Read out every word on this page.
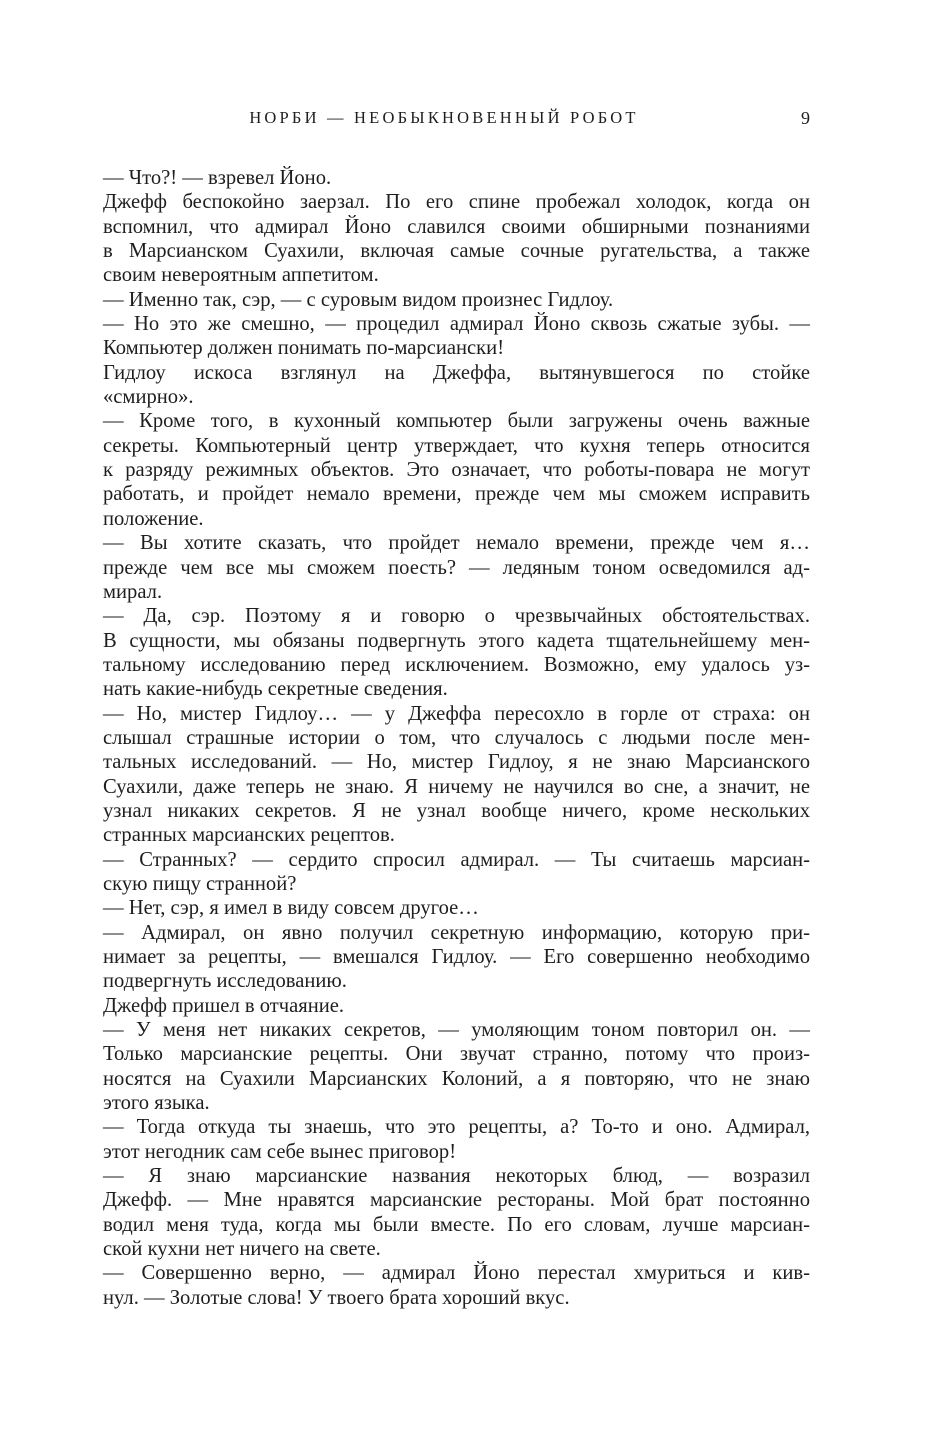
НОРБИ — НЕОБЫКНОВЕННЫЙ РОБОТ	9
— Что?! — взревел Йоно.
Джефф беспокойно заерзал. По его спине пробежал холодок, когда он
вспомнил, что адмирал Йоно славился своими обширными познаниями
в Марсианском Суахили, включая самые сочные ругательства, а также
своим невероятным аппетитом.
— Именно так, сэр, — с суровым видом произнес Гидлоу.
— Но это же смешно, — процедил адмирал Йоно сквозь сжатые зубы. —
Компьютер должен понимать по-марсиански!
Гидлоу искоса взглянул на Джеффа, вытянувшегося по стойке
«смирно».
— Кроме того, в кухонный компьютер были загружены очень важные
секреты. Компьютерный центр утверждает, что кухня теперь относится
к разряду режимных объектов. Это означает, что роботы-повара не могут
работать, и пройдет немало времени, прежде чем мы сможем исправить
положение.
— Вы хотите сказать, что пройдет немало времени, прежде чем я…
прежде чем все мы сможем поесть? — ледяным тоном осведомился ад-
мирал.
— Да, сэр. Поэтому я и говорю о чрезвычайных обстоятельствах.
В сущности, мы обязаны подвергнуть этого кадета тщательнейшему мен-
тальному исследованию перед исключением. Возможно, ему удалось уз-
нать какие-нибудь секретные сведения.
— Но, мистер Гидлоу… — у Джеффа пересохло в горле от страха: он
слышал страшные истории о том, что случалось с людьми после мен-
тальных исследований. — Но, мистер Гидлоу, я не знаю Марсианского
Суахили, даже теперь не знаю. Я ничему не научился во сне, а значит, не
узнал никаких секретов. Я не узнал вообще ничего, кроме нескольких
странных марсианских рецептов.
— Странных? — сердито спросил адмирал. — Ты считаешь марсиан-
скую пищу странной?
— Нет, сэр, я имел в виду совсем другое…
— Адмирал, он явно получил секретную информацию, которую при-
нимает за рецепты, — вмешался Гидлоу. — Его совершенно необходимо
подвергнуть исследованию.
Джефф пришел в отчаяние.
— У меня нет никаких секретов, — умоляющим тоном повторил он. —
Только марсианские рецепты. Они звучат странно, потому что произ-
носятся на Суахили Марсианских Колоний, а я повторяю, что не знаю
этого языка.
— Тогда откуда ты знаешь, что это рецепты, а? То-то и оно. Адмирал,
этот негодник сам себе вынес приговор!
— Я знаю марсианские названия некоторых блюд, — возразил
Джефф. — Мне нравятся марсианские рестораны. Мой брат постоянно
водил меня туда, когда мы были вместе. По его словам, лучше марсиан-
ской кухни нет ничего на свете.
— Совершенно верно, — адмирал Йоно перестал хмуриться и кив-
нул. — Золотые слова! У твоего брата хороший вкус.
